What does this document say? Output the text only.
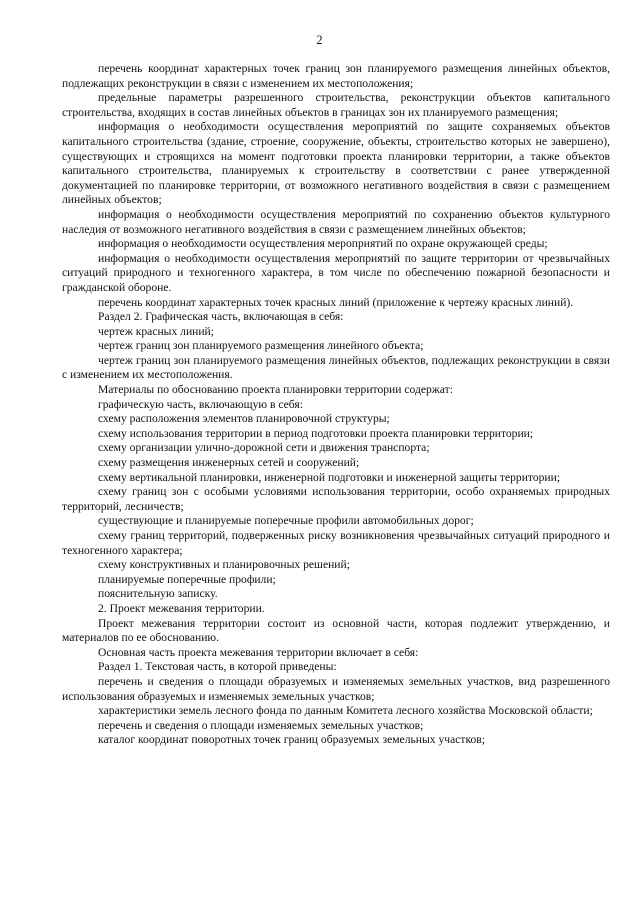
2

перечень координат характерных точек границ зон планируемого размещения линейных объектов, подлежащих реконструкции в связи с изменением их местоположения;

предельные параметры разрешенного строительства, реконструкции объектов капитального строительства, входящих в состав линейных объектов в границах зон их планируемого размещения;

информация о необходимости осуществления мероприятий по защите сохраняемых объектов капитального строительства (здание, строение, сооружение, объекты, строительство которых не завершено), существующих и строящихся на момент подготовки проекта планировки территории, а также объектов капитального строительства, планируемых к строительству в соответствии с ранее утвержденной документацией по планировке территории, от возможного негативного воздействия в связи с размещением линейных объектов;

информация о необходимости осуществления мероприятий по сохранению объектов культурного наследия от возможного негативного воздействия в связи с размещением линейных объектов;

информация о необходимости осуществления мероприятий по охране окружающей среды;

информация о необходимости осуществления мероприятий по защите территории от чрезвычайных ситуаций природного и техногенного характера, в том числе по обеспечению пожарной безопасности и гражданской обороне.

перечень координат характерных точек красных линий (приложение к чертежу красных линий).

Раздел 2. Графическая часть, включающая в себя:

чертеж красных линий;

чертеж границ зон планируемого размещения линейного объекта;

чертеж границ зон планируемого размещения линейных объектов, подлежащих реконструкции в связи с изменением их местоположения.

Материалы по обоснованию проекта планировки территории содержат:

графическую часть, включающую в себя:

схему расположения элементов планировочной структуры;

схему использования территории в период подготовки проекта планировки территории;

схему организации улично-дорожной сети и движения транспорта;

схему размещения инженерных сетей и сооружений;

схему вертикальной планировки, инженерной подготовки и инженерной защиты территории;

схему границ зон с особыми условиями использования территории, особо охраняемых природных территорий, лесничеств;

существующие и планируемые поперечные профили автомобильных дорог;

схему границ территорий, подверженных риску возникновения чрезвычайных ситуаций природного и техногенного характера;

схему конструктивных и планировочных решений;

планируемые поперечные профили;

пояснительную записку.

2. Проект межевания территории.

Проект межевания территории состоит из основной части, которая подлежит утверждению, и материалов по ее обоснованию.

Основная часть проекта межевания территории включает в себя:

Раздел 1. Текстовая часть, в которой приведены:

перечень и сведения о площади образуемых и изменяемых земельных участков, вид разрешенного использования образуемых и изменяемых земельных участков;

характеристики земель лесного фонда по данным Комитета лесного хозяйства Московской области;

перечень и сведения о площади изменяемых земельных участков;

каталог координат поворотных точек границ образуемых земельных участков;
